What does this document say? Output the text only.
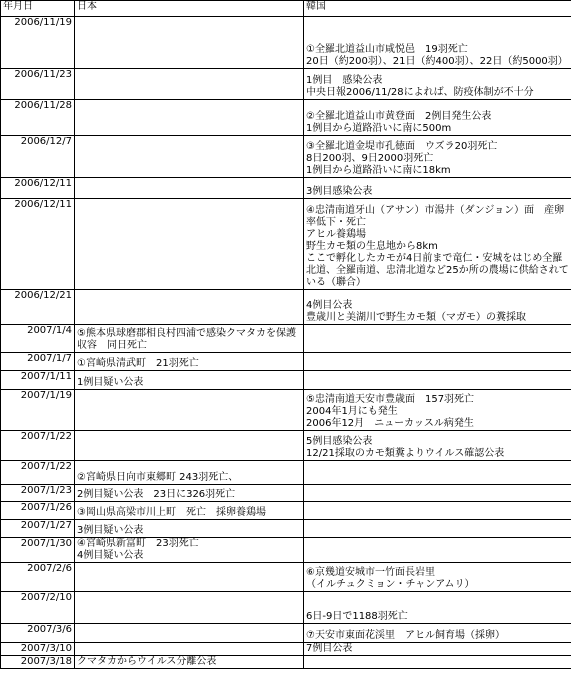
年月日	日本	韓国
2006/11/19		①全羅北道益山市咸悦邑　19羽死亡
20日（約200羽）、21日（約400羽）、22日（約5000羽）
2006/11/23		1例目　感染公表
中央日報2006/11/28によれば、防疫体制が不十分
2006/11/28		②全羅北道益山市黄登面　2例目発生公表
1例目から道路沿いに南に500m
2006/12/7		③全羅北道金堤市孔徳面　ウズラ20羽死亡
8日200羽、9日2000羽死亡
1例目から道路沿いに南に18km
2006/12/11		3例目感染公表
2006/12/11		④忠清南道牙山（アサン）市湯井（ダンジョン）面　産卵率低下・死亡
アヒル養鶏場
野生カモ類の生息地から8km
ここで孵化したカモが4日前まで竜仁・安城をはじめ全羅北道、全羅南道、忠清北道など25か所の農場に供給されている（聯合）
2006/12/21		4例目公表
豊歳川と美湖川で野生カモ類（マガモ）の糞採取
2007/1/4	⑤熊本県球磨郡相良村四浦で感染クマタカを保護収容　同日死亡	
2007/1/7	①宮崎県清武町　21羽死亡	
2007/1/11	1例目疑い公表	
2007/1/19		⑤忠清南道天安市豊歳面　157羽死亡
2004年1月にも発生
2006年12月　ニューカッスル病発生
2007/1/22		5例目感染公表
12/21採取のカモ類糞よりウイルス確認公表
2007/1/22	②宮崎県日向市東郷町 243羽死亡、	
2007/1/23	2例目疑い公表　23日に326羽死亡	
2007/1/26	③岡山県高梁市川上町　死亡　採卵養鶏場	
2007/1/27	3例目疑い公表	
2007/1/30	④宮崎県新富町　23羽死亡
4例目疑い公表	
2007/2/6		⑥京幾道安城市一竹面長岩里
（イルチュクミョン・チャンアムリ）
2007/2/10		6日-9日で1188羽死亡
2007/3/6		⑦天安市東面花渓里　アヒル飼育場（採卵）
2007/3/10		7例目公表
2007/3/18	クマタカからウイルス分離公表	
